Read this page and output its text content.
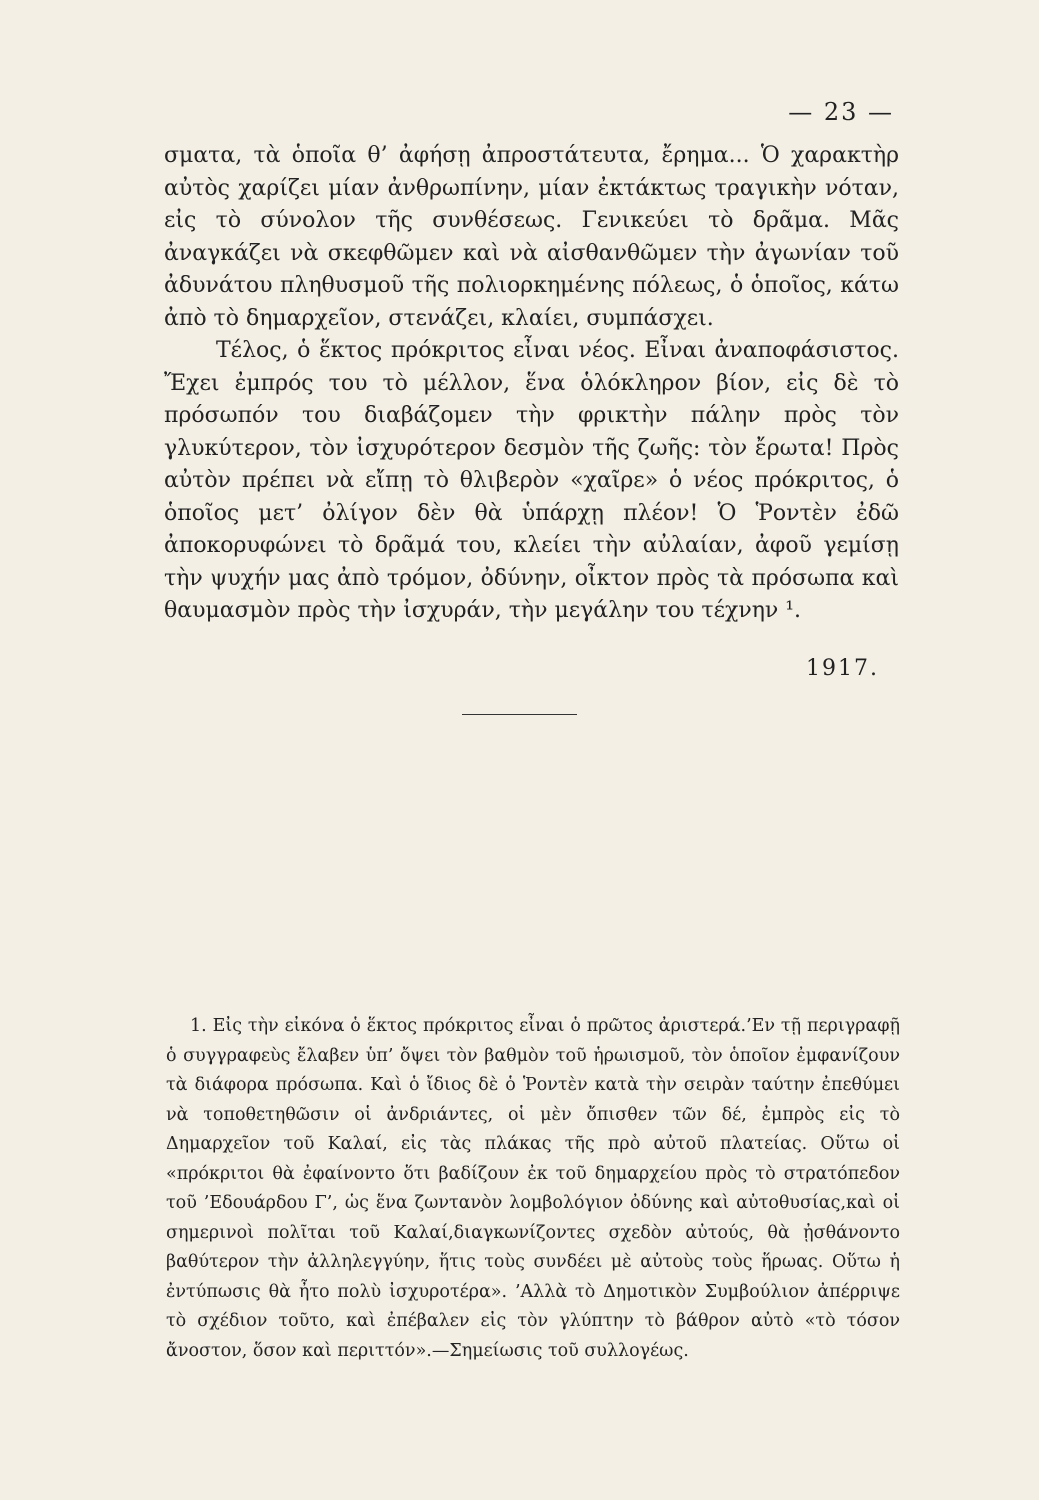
— 23 —

σματα, τὰ ὁποῖα θ’ ἀφήσῃ ἀπροστάτευτα, ἔρημα... Ὁ χαρακτὴρ αὐτὸς χαρίζει μίαν ἀνθρωπίνην, μίαν ἐκτάκτως τραγικὴν νόταν, εἰς τὸ σύνολον τῆς συνθέσεως. Γενικεύει τὸ δρᾶμα. Μᾶς ἀναγκάζει νὰ σκεφθῶμεν καὶ νὰ αἰσθανθῶμεν τὴν ἀγωνίαν τοῦ ἀδυνάτου πληθυσμοῦ τῆς πολιορκημένης πόλεως, ὁ ὁποῖος, κάτω ἀπὸ τὸ δημαρχεῖον, στενάζει, κλαίει, συμπάσχει.

Τέλος, ὁ ἕκτος πρόκριτος εἶναι νέος. Εἶναι ἀναποφάσιστος. Ἔχει ἐμπρός του τὸ μέλλον, ἕνα ὁλόκληρον βίον, εἰς δὲ τὸ πρόσωπόν του διαβάζομεν τὴν φρικτὴν πάλην πρὸς τὸν γλυκύτερον, τὸν ἰσχυρότερον δεσμὸν τῆς ζωῆς: τὸν ἔρωτα! Πρὸς αὐτὸν πρέπει νὰ εἴπῃ τὸ θλιβερὸν «χαῖρε» ὁ νέος πρόκριτος, ὁ ὁποῖος μετ’ ὀλίγον δὲν θὰ ὑπάρχῃ πλέον! Ὁ Ῥοντὲν ἐδῶ ἀποκορυφώνει τὸ δρᾶμά του, κλείει τὴν αὐλαίαν, ἀφοῦ γεμίσῃ τὴν ψυχήν μας ἀπὸ τρόμον, ὀδύνην, οἶκτον πρὸς τὰ πρόσωπα καὶ θαυμασμὸν πρὸς τὴν ἰσχυράν, τὴν μεγάλην του τέχνην ¹.

1917.

1. Εἰς τὴν εἰκόνα ὁ ἕκτος πρόκριτος εἶναι ὁ πρῶτος ἀριστερά.’Εν τῇ περιγραφῇ ὁ συγγραφεὺς ἔλαβεν ὑπ’ ὄψει τὸν βαθμὸν τοῦ ἡρωισμοῦ, τὸν ὁποῖον ἐμφανίζουν τὰ διάφορα πρόσωπα. Καὶ ὁ ἴδιος δὲ ὁ Ῥοντὲν κατὰ τὴν σειρὰν ταύτην ἐπεθύμει νὰ τοποθετηθῶσιν οἱ ἀνδριάντες, οἱ μὲν ὄπισθεν τῶν δέ, ἐμπρὸς εἰς τὸ Δημαρχεῖον τοῦ Καλαί, εἰς τὰς πλάκας τῆς πρὸ αὐτοῦ πλατείας. Οὕτω οἱ «πρόκριτοι θὰ ἐφαίνοντο ὅτι βαδίζουν ἐκ τοῦ δημαρχείου πρὸς τὸ στρατόπεδον τοῦ ’Εδουάρδου Γ’, ὡς ἕνα ζωντανὸν λομβολόγιον ὀδύνης καὶ αὐτοθυσίας,καὶ οἱ σημερινοὶ πολῖται τοῦ Καλαί,διαγκωνίζοντες σχεδὸν αὐτούς, θὰ ᾐσθάνοντο βαθύτερον τὴν ἀλληλεγγύην, ἥτις τοὺς συνδέει μὲ αὐτοὺς τοὺς ἥρωας. Οὕτω ἡ ἐντύπωσις θὰ ἦτο πολὺ ἰσχυροτέρα». ’Αλλὰ τὸ Δημοτικὸν Συμβούλιον ἀπέρριψε τὸ σχέδιον τοῦτο, καὶ ἐπέβαλεν εἰς τὸν γλύπτην τὸ βάθρον αὐτὸ «τὸ τόσον ἄνοστον, ὅσον καὶ περιττόν».—Σημείωσις τοῦ συλλογέως.
